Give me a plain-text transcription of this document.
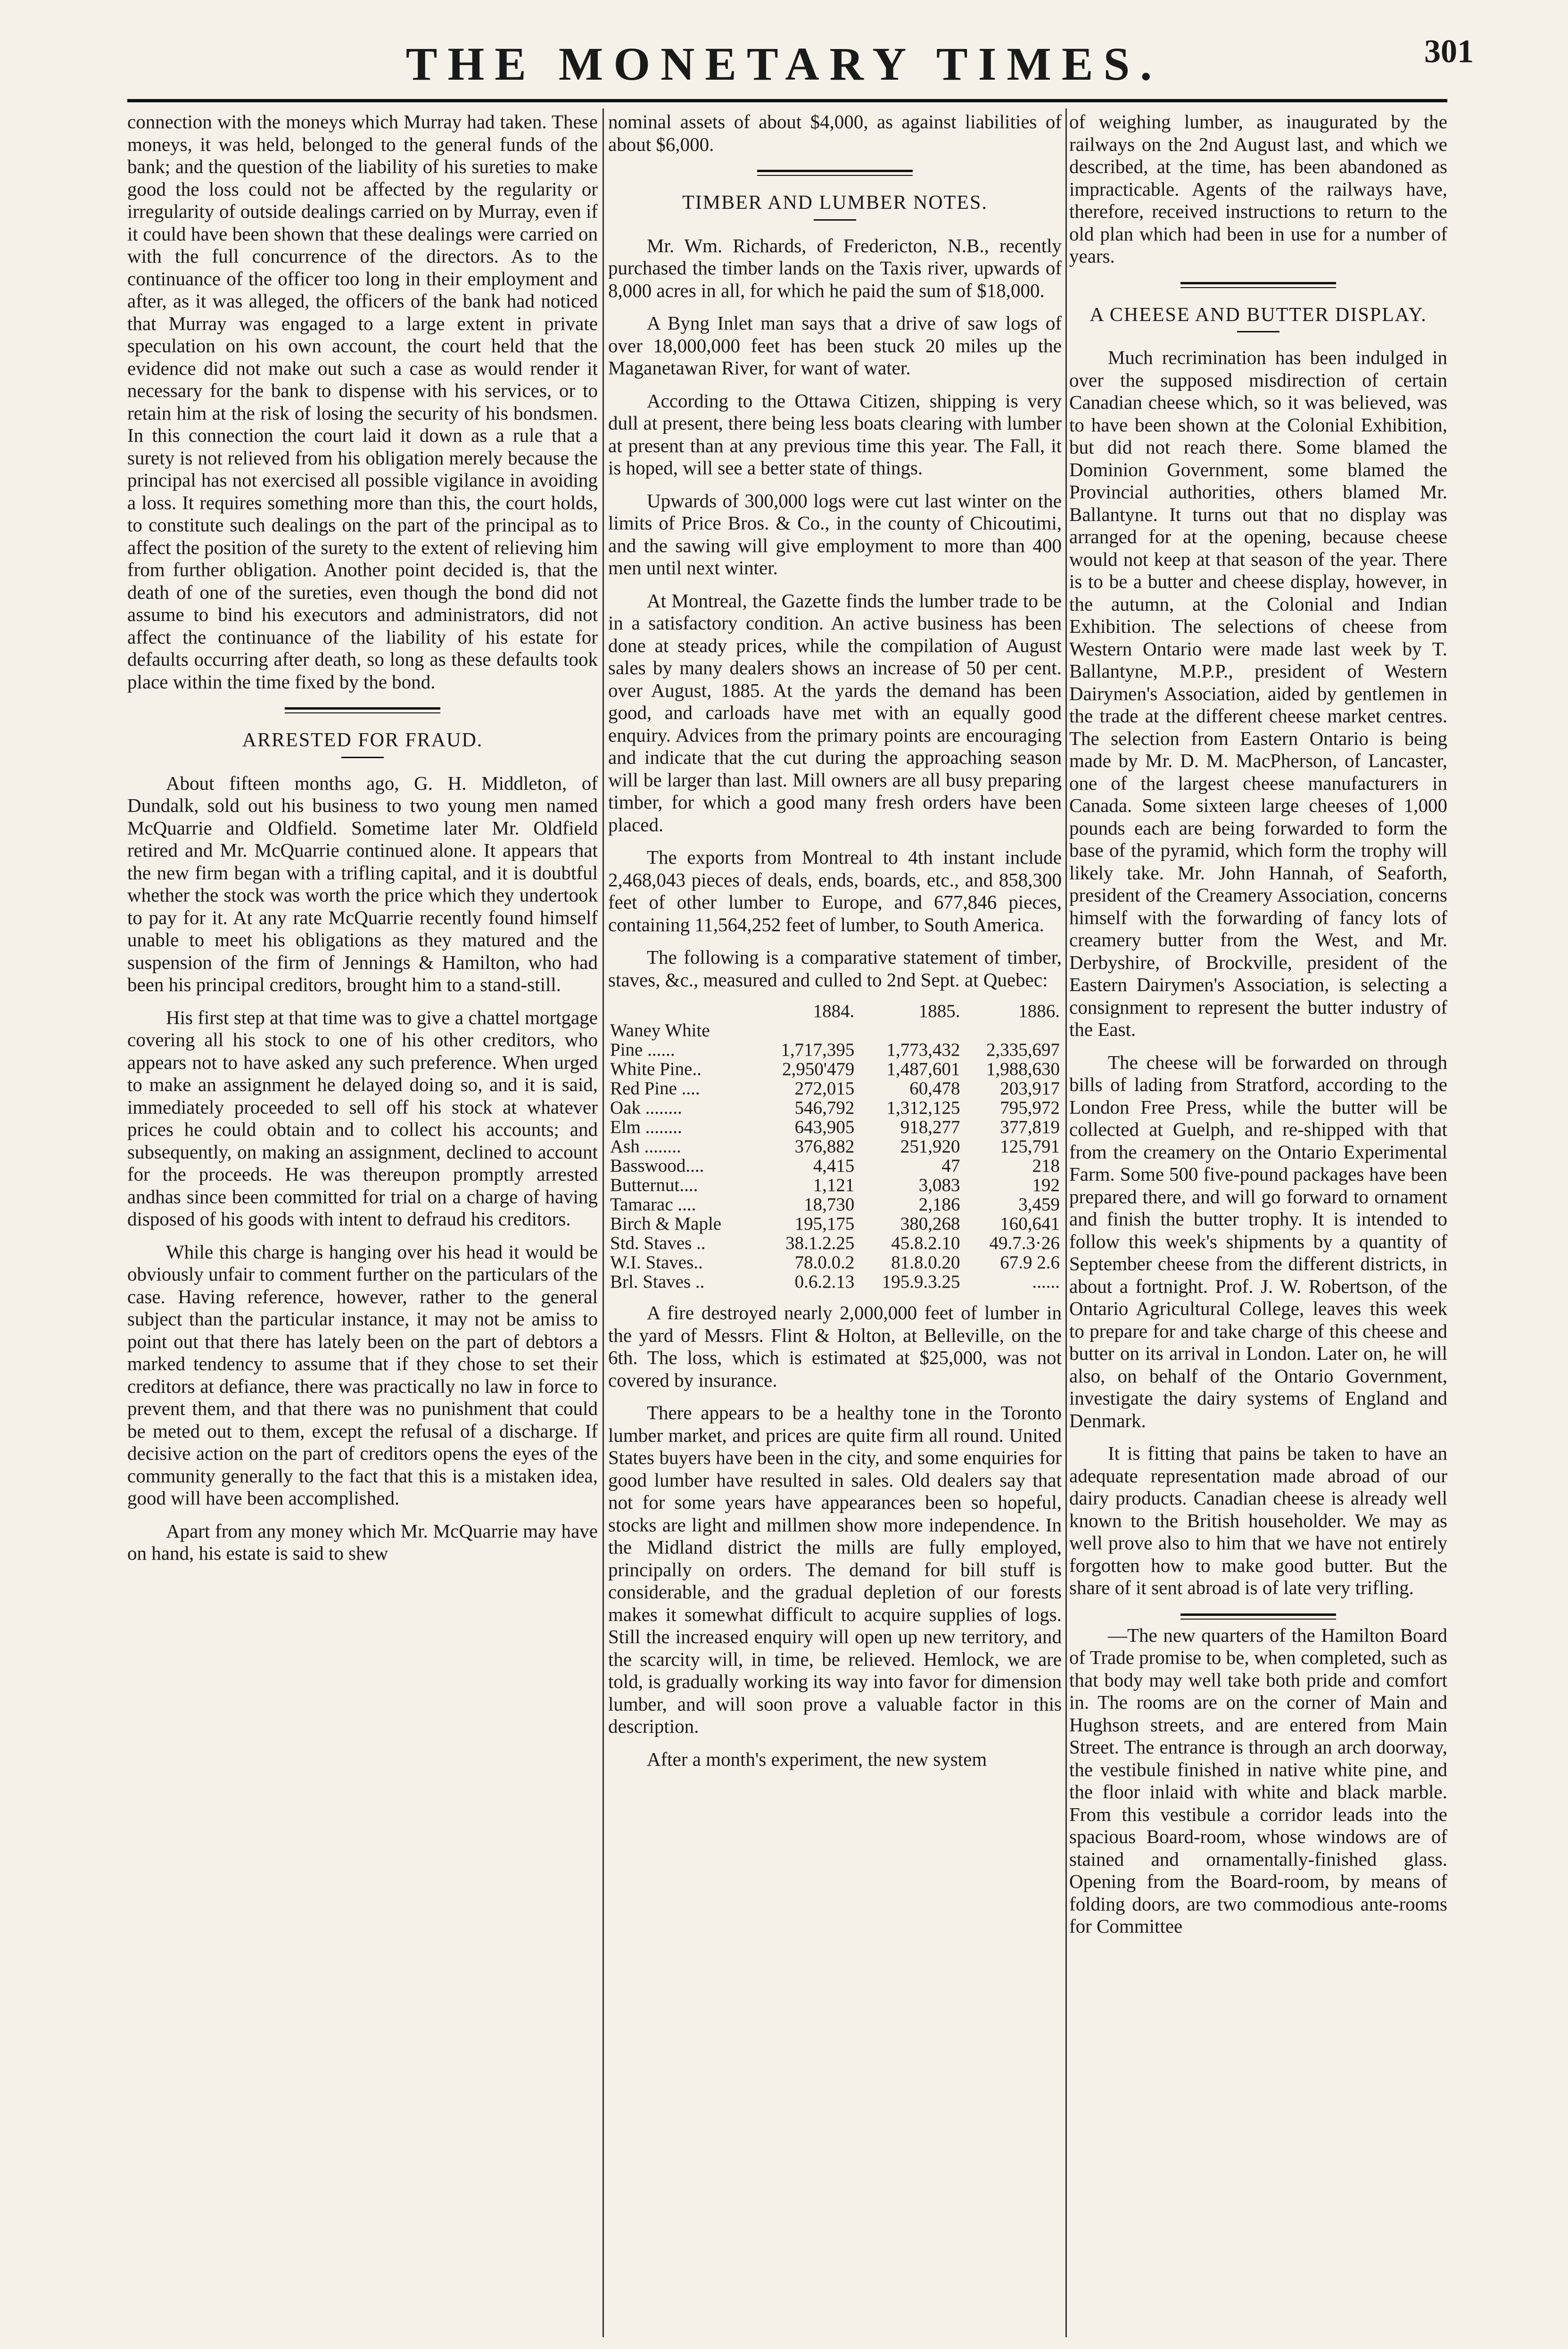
THE MONETARY TIMES.	301

connection with the moneys which Murray had taken. These moneys, it was held, belonged to the general funds of the bank; and the question of the liability of his sureties to make good the loss could not be affected by the regularity or irregularity of outside dealings carried on by Murray, even if it could have been shown that these dealings were carried on with the full concurrence of the directors. As to the continuance of the officer too long in their employment and after, as it was alleged, the officers of the bank had noticed that Murray was engaged to a large extent in private speculation on his own account, the court held that the evidence did not make out such a case as would render it necessary for the bank to dispense with his services, or to retain him at the risk of losing the security of his bondsmen. In this connection the court laid it down as a rule that a surety is not relieved from his obligation merely because the principal has not exercised all possible vigilance in avoiding a loss. It requires something more than this, the court holds, to constitute such dealings on the part of the principal as to affect the position of the surety to the extent of relieving him from further obligation. Another point decided is, that the death of one of the sureties, even though the bond did not assume to bind his executors and administrators, did not affect the continuance of the liability of his estate for defaults occurring after death, so long as these defaults took place within the time fixed by the bond.

ARRESTED FOR FRAUD.

About fifteen months ago, G. H. Middleton, of Dundalk, sold out his business to two young men named McQuarrie and Oldfield. Sometime later Mr. Oldfield retired and Mr. McQuarrie continued alone. It appears that the new firm began with a trifling capital, and it is doubtful whether the stock was worth the price which they undertook to pay for it. At any rate McQuarrie recently found himself unable to meet his obligations as they matured and the suspension of the firm of Jennings & Hamilton, who had been his principal creditors, brought him to a stand-still.

His first step at that time was to give a chattel mortgage covering all his stock to one of his other creditors, who appears not to have asked any such preference. When urged to make an assignment he delayed doing so, and it is said, immediately proceeded to sell off his stock at whatever prices he could obtain and to collect his accounts; and subsequently, on making an assignment, declined to account for the proceeds. He was thereupon promptly arrested andhas since been committed for trial on a charge of having disposed of his goods with intent to defraud his creditors.

While this charge is hanging over his head it would be obviously unfair to comment further on the particulars of the case. Having reference, however, rather to the general subject than the particular instance, it may not be amiss to point out that there has lately been on the part of debtors a marked tendency to assume that if they chose to set their creditors at defiance, there was practically no law in force to prevent them, and that there was no punishment that could be meted out to them, except the refusal of a discharge. If decisive action on the part of creditors opens the eyes of the community generally to the fact that this is a mistaken idea, good will have been accomplished.

Apart from any money which Mr. McQuarrie may have on hand, his estate is said to shew

nominal assets of about $4,000, as against liabilities of about $6,000.

TIMBER AND LUMBER NOTES.

Mr. Wm. Richards, of Fredericton, N.B., recently purchased the timber lands on the Taxis river, upwards of 8,000 acres in all, for which he paid the sum of $18,000.

A Byng Inlet man says that a drive of saw logs of over 18,000,000 feet has been stuck 20 miles up the Maganetawan River, for want of water.

According to the Ottawa Citizen, shipping is very dull at present, there being less boats clearing with lumber at present than at any previous time this year. The Fall, it is hoped, will see a better state of things.

Upwards of 300,000 logs were cut last winter on the limits of Price Bros. & Co., in the county of Chicoutimi, and the sawing will give employment to more than 400 men until next winter.

At Montreal, the Gazette finds the lumber trade to be in a satisfactory condition. An active business has been done at steady prices, while the compilation of August sales by many dealers shows an increase of 50 per cent. over August, 1885. At the yards the demand has been good, and carloads have met with an equally good enquiry. Advices from the primary points are encouraging and indicate that the cut during the approaching season will be larger than last. Mill owners are all busy preparing timber, for which a good many fresh orders have been placed.

The exports from Montreal to 4th instant include 2,468,043 pieces of deals, ends, boards, etc., and 858,300 feet of other lumber to Europe, and 677,846 pieces, containing 11,564,252 feet of lumber, to South America.

The following is a comparative statement of timber, staves, &c., measured and culled to 2nd Sept. at Quebec:

	1884.	1885.	1886.
Waney White			
Pine ......	1,717,395	1,773,432	2,335,697
White Pine..	2,950'479	1,487,601	1,988,630
Red Pine ....	272,015	60,478	203,917
Oak ........	546,792	1,312,125	795,972
Elm ........	643,905	918,277	377,819
Ash ........	376,882	251,920	125,791
Basswood....	4,415	47	218
Butternut....	1,121	3,083	192
Tamarac ....	18,730	2,186	3,459
Birch & Maple	195,175	380,268	160,641
Std. Staves ..	38.1.2.25	45.8.2.10	49.7.3·26
W.I. Staves..	78.0.0.2	81.8.0.20	67.9 2.6
Brl. Staves ..	0.6.2.13	195.9.3.25	......

A fire destroyed nearly 2,000,000 feet of lumber in the yard of Messrs. Flint & Holton, at Belleville, on the 6th. The loss, which is estimated at $25,000, was not covered by insurance.

There appears to be a healthy tone in the Toronto lumber market, and prices are quite firm all round. United States buyers have been in the city, and some enquiries for good lumber have resulted in sales. Old dealers say that not for some years have appearances been so hopeful, stocks are light and millmen show more independence. In the Midland district the mills are fully employed, principally on orders. The demand for bill stuff is considerable, and the gradual depletion of our forests makes it somewhat difficult to acquire supplies of logs. Still the increased enquiry will open up new territory, and the scarcity will, in time, be relieved. Hemlock, we are told, is gradually working its way into favor for dimension lumber, and will soon prove a valuable factor in this description.

After a month's experiment, the new system

of weighing lumber, as inaugurated by the railways on the 2nd August last, and which we described, at the time, has been abandoned as impracticable. Agents of the railways have, therefore, received instructions to return to the old plan which had been in use for a number of years.

A CHEESE AND BUTTER DISPLAY.

Much recrimination has been indulged in over the supposed misdirection of certain Canadian cheese which, so it was believed, was to have been shown at the Colonial Exhibition, but did not reach there. Some blamed the Dominion Government, some blamed the Provincial authorities, others blamed Mr. Ballantyne. It turns out that no display was arranged for at the opening, because cheese would not keep at that season of the year. There is to be a butter and cheese display, however, in the autumn, at the Colonial and Indian Exhibition. The selections of cheese from Western Ontario were made last week by T. Ballantyne, M.P.P., president of Western Dairymen's Association, aided by gentlemen in the trade at the different cheese market centres. The selection from Eastern Ontario is being made by Mr. D. M. MacPherson, of Lancaster, one of the largest cheese manufacturers in Canada. Some sixteen large cheeses of 1,000 pounds each are being forwarded to form the base of the pyramid, which form the trophy will likely take. Mr. John Hannah, of Seaforth, president of the Creamery Association, concerns himself with the forwarding of fancy lots of creamery butter from the West, and Mr. Derbyshire, of Brockville, president of the Eastern Dairymen's Association, is selecting a consignment to represent the butter industry of the East.

The cheese will be forwarded on through bills of lading from Stratford, according to the London Free Press, while the butter will be collected at Guelph, and re-shipped with that from the creamery on the Ontario Experimental Farm. Some 500 five-pound packages have been prepared there, and will go forward to ornament and finish the butter trophy. It is intended to follow this week's shipments by a quantity of September cheese from the different districts, in about a fortnight. Prof. J. W. Robertson, of the Ontario Agricultural College, leaves this week to prepare for and take charge of this cheese and butter on its arrival in London. Later on, he will also, on behalf of the Ontario Government, investigate the dairy systems of England and Denmark.

It is fitting that pains be taken to have an adequate representation made abroad of our dairy products. Canadian cheese is already well known to the British householder. We may as well prove also to him that we have not entirely forgotten how to make good butter. But the share of it sent abroad is of late very trifling.

—The new quarters of the Hamilton Board of Trade promise to be, when completed, such as that body may well take both pride and comfort in. The rooms are on the corner of Main and Hughson streets, and are entered from Main Street. The entrance is through an arch doorway, the vestibule finished in native white pine, and the floor inlaid with white and black marble. From this vestibule a corridor leads into the spacious Board-room, whose windows are of stained and ornamentally-finished glass. Opening from the Board-room, by means of folding doors, are two commodious ante-rooms for Committee
